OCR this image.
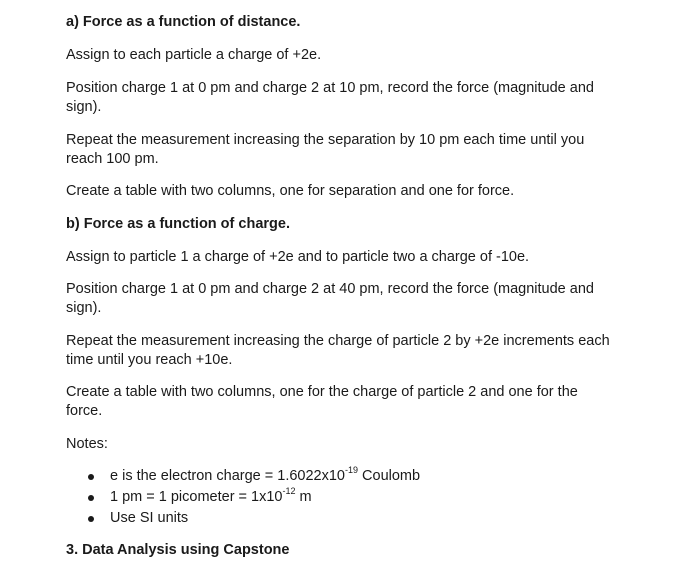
a) Force as a function of distance.
Assign to each particle a charge of +2e.
Position charge 1 at 0 pm and charge 2 at 10 pm, record the force (magnitude and
sign).
Repeat the measurement increasing the separation by 10 pm each time until you
reach 100 pm.
Create a table with two columns, one for separation and one for force.
b) Force as a function of charge.
Assign to particle 1 a charge of +2e and to particle two a charge of -10e.
Position charge 1 at 0 pm and charge 2 at 40 pm, record the force (magnitude and
sign).
Repeat the measurement increasing the charge of particle 2 by +2e increments each
time until you reach +10e.
Create a table with two columns, one for the charge of particle 2 and one for the
force.
Notes:
e is the electron charge = $1.6022x10^{-19}$ Coulomb
1 pm = 1 picometer = $1x10^{-12}$ m
Use SI units
3. Data Analysis using Capstone
